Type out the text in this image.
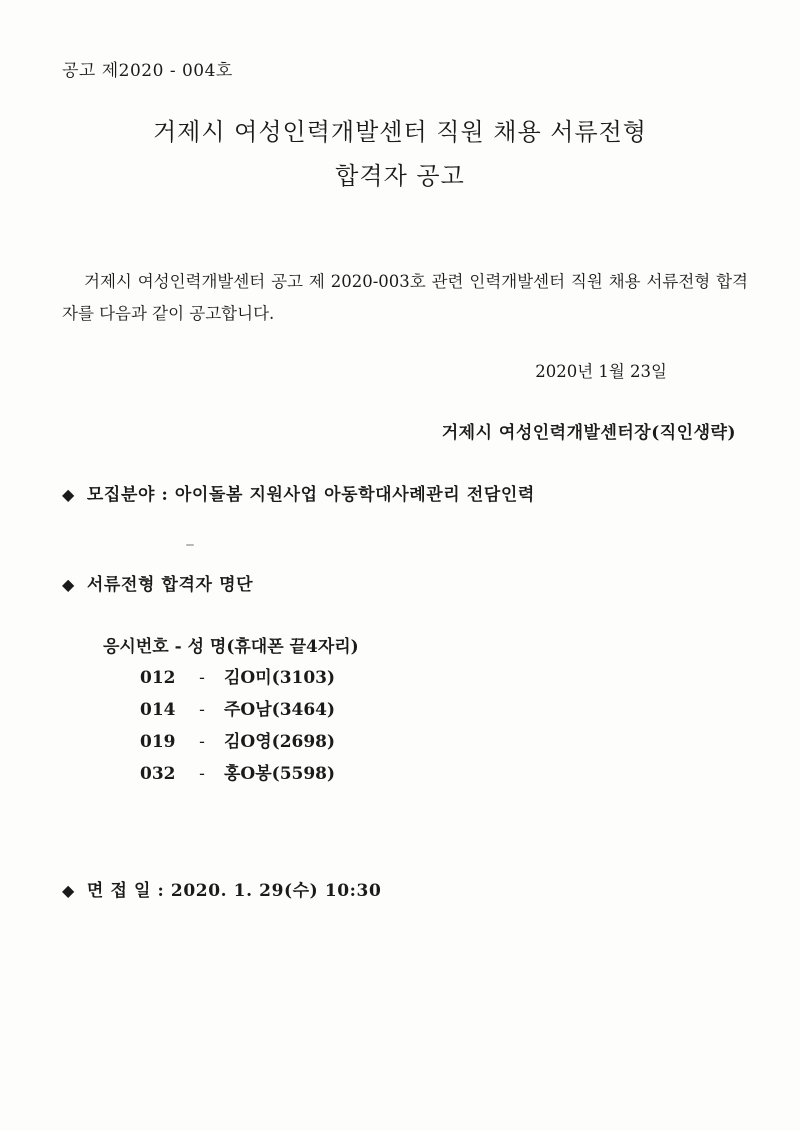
공고 제2020 - 004호
거제시 여성인력개발센터 직원 채용 서류전형
합격자 공고
거제시 여성인력개발센터 공고 제 2020-003호 관련 인력개발센터 직원 채용 서류전형 합격자를 다음과 같이 공고합니다.
2020년 1월 23일
거제시 여성인력개발센터장(직인생략)
◆ 모집분야 : 아이돌봄 지원사업 아동학대사례관리 전담인력
◆ 서류전형 합격자 명단
응시번호 - 성 명(휴대폰 끝4자리)
012	-	김O미(3103)
014	-	주O남(3464)
019	-	김O영(2698)
032	-	홍O봉(5598)
◆ 면 접 일 : 2020. 1. 29(수) 10:30
